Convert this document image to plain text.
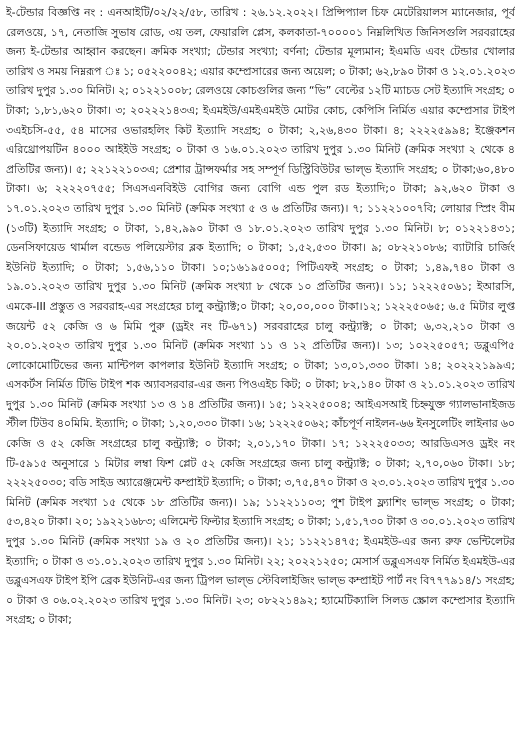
ই-টেন্ডার বিজ্ঞপ্তি নং : এনআইটি/০২/২২/৫৮, তারিখ : ২৬.১২.২০২২। প্রিন্সিপ্যাল চিফ মেটেরিয়ালস ম্যানেজার, পূর্ব রেলওয়ে, ১৭, নেতাজি সুভাষ রোড, ৩য় তল, ফেয়ারলি প্লেস, কলকাতা-৭০০০০১ নিম্নলিখিত জিনিসগুলি সরবরাহের জন্য ই-টেন্ডার আহ্বান করছেন। ক্রমিক সংখ্যা; টেন্ডার সংখ্যা; বর্ণনা; টেন্ডার মূল্যমান; ইএমডি এবং টেন্ডার খোলার তারিখ ও সময় নিম্নরূপ ঃ ১; ০৫২২০০৪২; এয়ার কম্প্রেসারের জন্য অয়েল; ০ টাকা; ৬২,৮৯০ টাকা ও ১২.০১.২০২৩ তারিখ দুপুর ১.৩০ মিনিট। ২; ০১২২১০০৮; রেলওয়ে কোচগুলির জন্য “ভি” বেল্টের ১২টি ম্যাচড সেট ইত্যাদি সংগ্রহ; ০ টাকা; ১,৮১,৬২০ টাকা। ৩; ২০২২২১৪৩এ; ইএমইউ/এমইএমইউ মোটর কোচ, কেপিসি নির্মিত এয়ার কম্প্রেসার টাইপ ৩এইচসি-৫৫, ৫৪ মাসের ওভারহলিং কিট ইত্যাদি সংগ্রহ; ০ টাকা; ২,২৬,৪৩০ টাকা। ৪; ২২২২৫৯৯৪; ইঞ্জেকশন এরিথ্রোপয়টিন ৪০০০ আইইউ সংগ্রহ; ০ টাকা ও ১৬.০১.২০২৩ তারিখ দুপুর ১.৩০ মিনিট (ক্রমিক সংখ্যা ২ থেকে ৪ প্রতিটির জন্য)। ৫; ২২১২২১০৩এ; প্রেশার ট্রান্সফর্মার সহ সম্পূর্ণ ডিস্ট্রিবিউটর ভাল্ভ ইত্যাদি সংগ্রহ; ০ টাকা;৬০,৪৮০ টাকা। ৬; ২২২২০৭৫৫; সিএসএনবিইউ বোগির জন্য বোগি এন্ড পুল রড ইত্যাদি;০ টাকা; ৯২,৬২০ টাকা ও ১৭.০১.২০২৩ তারিখ দুপুর ১.৩০ মিনিট (ক্রমিক সংখ্যা ৫ ও ৬ প্রতিটির জন্য)। ৭; ১১২২১০০৭বি; লোয়ার স্প্রিং বীম (১৩টি) ইত্যাদি সংগ্রহ; ০ টাকা, ১,৪২,৯৯০ টাকা ও ১৮.০১.২০২৩ তারিখ দুপুর ১.৩০ মিনিট। ৮; ০১২২১৪৩১; ডেনসিফায়েড থার্মাল বন্ডেড পলিয়েস্টার ব্লক ইত্যাদি; ০ টাকা; ১,৫২,৫৩০ টাকা। ৯; ০৮২২১০৮৬; ব্যাটারি চার্জিং ইউনিট ইত্যাদি; ০ টাকা; ১,৫৬,১১০ টাকা। ১০;১৬১৯৫০০৫; পিটিএফই সংগ্রহ; ০ টাকা; ১,৪৯,৭৪০ টাকা ও ১৯.০১.২০২৩ তারিখ দুপুর ১.৩০ মিনিট (ক্রমিক সংখ্যা ৮ থেকে ১০ প্রতিটির জন্য)। ১১; ১২২২৫০৬১; ইআরসি, এমকে-III প্রস্তুত ও সরবরাহ-এর সংগ্রহের চালু কন্ট্র্যাক্ট;০ টাকা; ২০,০০,০০০ টাকা।১২; ১২২২৫০৬৫; ৬.৫ মিটার লুপ্ত জয়েন্ট ৫২ কেজি ও ৬ মিমি পুরু (ড্রইং নং টি-৬৭১) সরবরাহের চালু কন্ট্র্যাক্ট; ০ টাকা; ৬,৩২,২১০ টাকা ও ২০.০১.২০২৩ তারিখ দুপুর ১.৩০ মিনিট (ক্রমিক সংখ্যা ১১ ও ১২ প্রতিটির জন্য)। ১৩; ১০২২৫০৫৭; ডব্লুএপি৫ লোকোমোটিভের জন্য মান্টিপল কাপলার ইউনিট ইত্যাদি সংগ্রহ; ০ টাকা; ১৩,০১,৩৩০ টাকা। ১৪; ২০২২২১৯৯এ; এসকর্টস নির্মিত টিভি টাইপ শক অ্যাবসরবার-এর জন্য পিওএইচ কিট; ০ টাকা; ৮২,১৪০ টাকা ও ২১.০১.২০২৩ তারিখ দুপুর ১.৩০ মিনিট (ক্রমিক সংখ্যা ১৩ ও ১৪ প্রতিটির জন্য)। ১৫; ১২২২৫০০৪; আইএসআই চিহ্নযুক্ত গ্যালভানাইজড স্টীল টিউব ৪০মিমি. ইত্যাদি; ০ টাকা; ১,২০,৩৩০ টাকা। ১৬; ১২২২৫০৬২; কাঁচপূর্ণ নাইলন-৬৬ ইনসুলেটিং লাইনার ৬০ কেজি ও ৫২ কেজি সংগ্রহের চালু কন্ট্র্যাক্ট; ০ টাকা; ২,০১,১৭০ টাকা। ১৭; ১২২২৫০৩৩; আরডিএসও ড্রইং নং টি-৫৯১৫ অনুসারে ১ মিটার লম্বা ফিশ প্লেট ৫২ কেজি সংগ্রহের জন্য চালু কন্ট্র্যাক্ট; ০ টাকা; ২,৭০,০৬০ টাকা। ১৮; ২২২২৫০৩০; বডি সাইড অ্যারেঞ্জমেন্ট কম্প্রাইট ইত্যাদি; ০ টাকা; ৩,৭৫,৪৭০ টাকা ও ২৩.০১.২০২৩ তারিখ দুপুর ১.৩০ মিনিট (ক্রমিক সংখ্যা ১৫ থেকে ১৮ প্রতিটির জন্য)। ১৯; ১১২২১১০৩; পুশ টাইপ ফ্ল্যাশিং ভাল্ভ সংগ্রহ; ০ টাকা; ৫৩,৪২০ টাকা। ২০; ১৯২২১৬৮৩; এলিমেন্ট ফিল্টার ইত্যাদি সংগ্রহ; ০ টাকা; ১,৫১,৭৩০ টাকা ও ৩০.০১.২০২৩ তারিখ দুপুর ১.৩০ মিনিট (ক্রমিক সংখ্যা ১৯ ও ২০ প্রতিটির জন্য)। ২১; ১১২২১৪৭৫; ইএমইউ-এর জন্য রুফ ভেন্টিলেটর ইত্যাদি; ০ টাকা ও ৩১.০১.২০২৩ তারিখ দুপুর ১.৩০ মিনিট। ২২; ২০২২১২৫০; মেসার্স ডব্লুএসএফ নির্মিত ইএমইউ-এর ডব্লুএসএফ টাইপ ইপি ব্রেক ইউনিট-এর জন্য ট্রিপল ভাল্ভ স্টেবিলাইজিং ভাল্ভ কম্প্রাইট পার্ট নং বি৭৭৭৯১৪/১ সংগ্রহ; ০ টাকা ও ০৬.০২.২০২৩ তারিখ দুপুর ১.৩০ মিনিট। ২৩; ০৮২২১৪৯২; হ্যামেটিক্যালি সিলড স্ক্রোল কম্প্রেসার ইত্যাদি সংগ্রহ; ০ টাকা;
